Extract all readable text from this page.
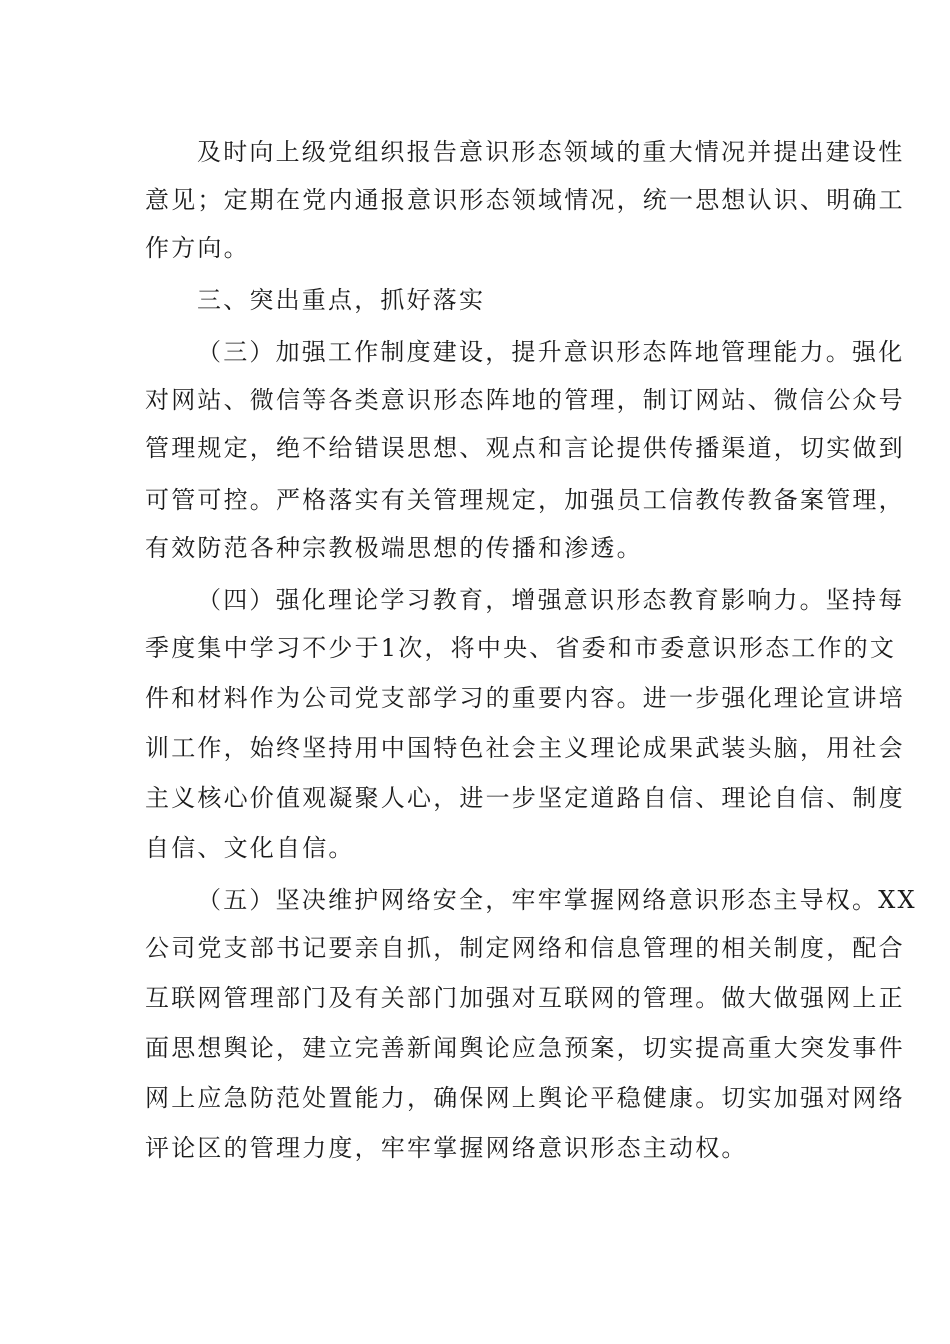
及时向上级党组织报告意识形态领域的重大情况并提出建设性
意见；定期在党内通报意识形态领域情况，统一思想认识、明确工
作方向。
三、突出重点，抓好落实
（三）加强工作制度建设，提升意识形态阵地管理能力。强化
对网站、微信等各类意识形态阵地的管理，制订网站、微信公众号
管理规定，绝不给错误思想、观点和言论提供传播渠道，切实做到
可管可控。严格落实有关管理规定，加强员工信教传教备案管理，
有效防范各种宗教极端思想的传播和渗透。
（四）强化理论学习教育，增强意识形态教育影响力。坚持每
季度集中学习不少于1次，将中央、省委和市委意识形态工作的文
件和材料作为公司党支部学习的重要内容。进一步强化理论宣讲培
训工作，始终坚持用中国特色社会主义理论成果武装头脑，用社会
主义核心价值观凝聚人心，进一步坚定道路自信、理论自信、制度
自信、文化自信。
（五）坚决维护网络安全，牢牢掌握网络意识形态主导权。XX
公司党支部书记要亲自抓，制定网络和信息管理的相关制度，配合
互联网管理部门及有关部门加强对互联网的管理。做大做强网上正
面思想舆论，建立完善新闻舆论应急预案，切实提高重大突发事件
网上应急防范处置能力，确保网上舆论平稳健康。切实加强对网络
评论区的管理力度，牢牢掌握网络意识形态主动权。
